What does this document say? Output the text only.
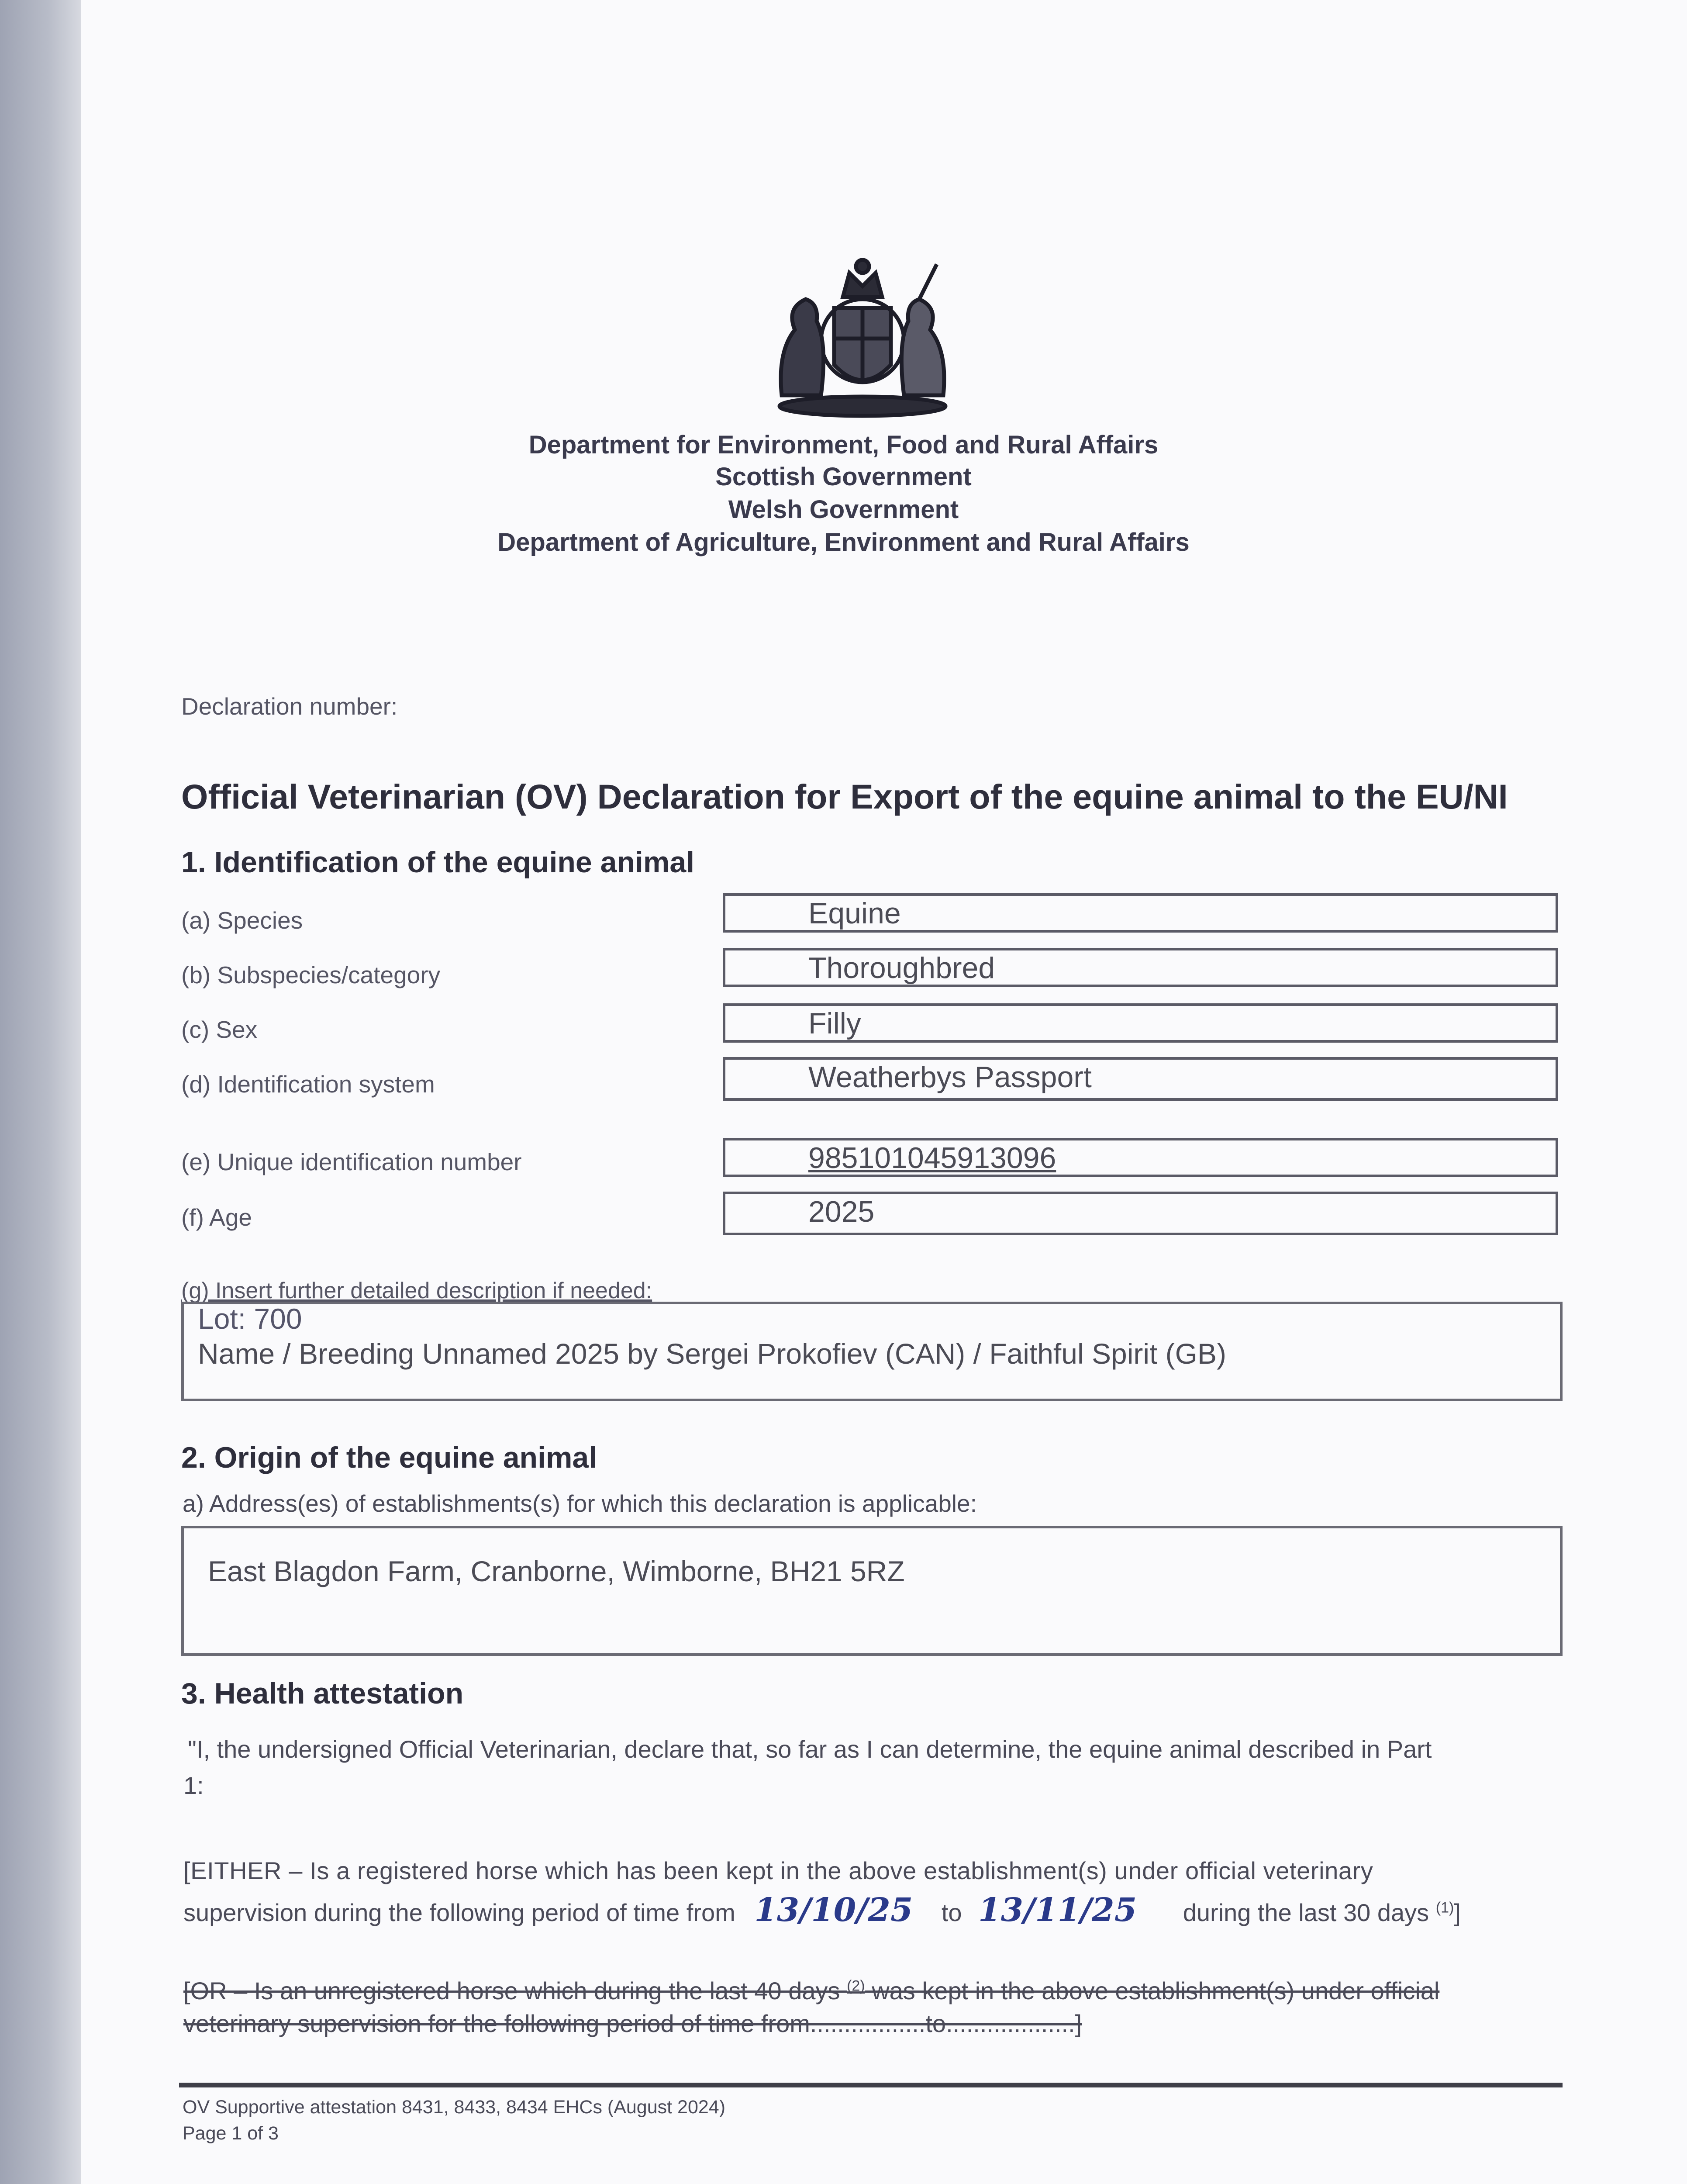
Department for Environment, Food and Rural Affairs
Scottish Government
Welsh Government
Department of Agriculture, Environment and Rural Affairs
Declaration number:
Official Veterinarian (OV) Declaration for Export of the equine animal to the EU/NI
1. Identification of the equine animal
(a) Species	Equine
(b) Subspecies/category	Thoroughbred
(c) Sex	Filly
(d) Identification system	Weatherbys Passport
(e) Unique identification number	985101045913096
(f) Age	2025
(g) Insert further detailed description if needed:
Lot: 700
Name / Breeding Unnamed 2025 by Sergei Prokofiev (CAN) / Faithful Spirit (GB)
2. Origin of the equine animal
a) Address(es) of establishments(s) for which this declaration is applicable:
East Blagdon Farm, Cranborne, Wimborne, BH21 5RZ
3. Health attestation
"I, the undersigned Official Veterinarian, declare that, so far as I can determine, the equine animal described in Part
1:
[EITHER – Is a registered horse which has been kept in the above establishment(s) under official veterinary
supervision during the following period of time from 13/10/25 to 13/11/25 during the last 30 days $^{(1)}$]
[OR – Is an unregistered horse which during the last 40 days $^{(2)}$ was kept in the above establishment(s) under official
veterinary supervision for the following period of time from.................to...................]
OV Supportive attestation 8431, 8433, 8434 EHCs (August 2024)
Page 1 of 3
